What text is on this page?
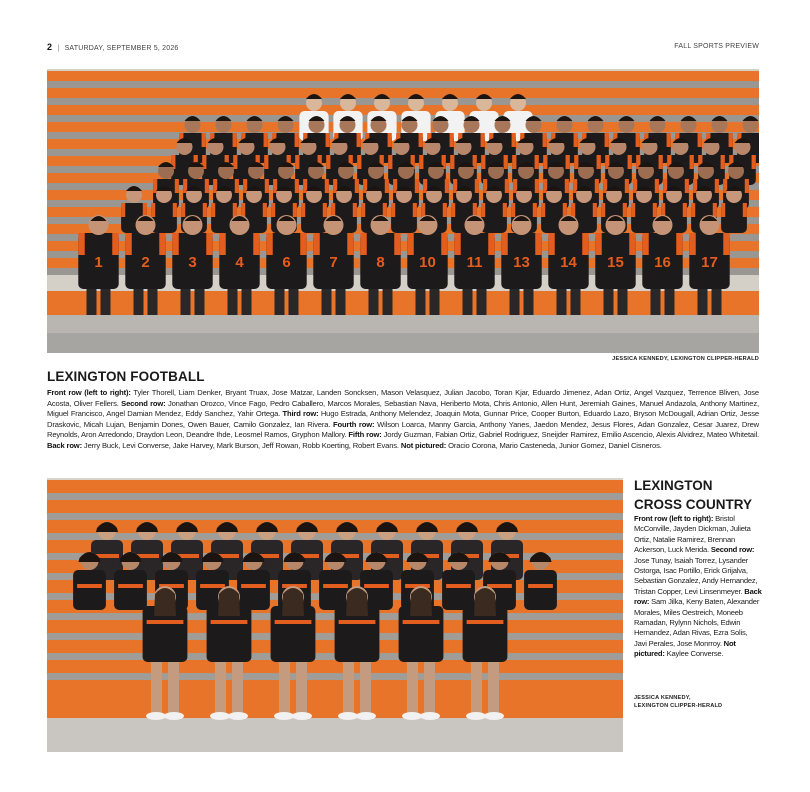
2 | SATURDAY, SEPTEMBER 5, 2026	FALL SPORTS PREVIEW
1	2	3	4	6	7	8 10 11 13 14 15 16 17
JESSICA KENNEDY, LEXINGTON CLIPPER-HERALD
LEXINGTON FOOTBALL
Front row (left to right): Tyler Thorell, Liam Denker, Bryant Truax, Jose Matzar, Landen Soncksen, Mason Velasquez, Julian Jacobo, Toran Kjar, Eduardo Jimenez, Adan Ortiz, Angel Vazquez, Terrence Bliven, Jose Acosta, Oliver Fellers. Second row: Jonathan Orozco, Vince Fago, Pedro Caballero, Marcos Morales, Sebastian Nava, Heriberto Mota, Chris Antonio, Allen Hunt, Jeremiah Gaines, Manuel Andazola, Anthony Martinez, Miguel Francisco, Angel Damian Mendez, Eddy Sanchez, Yahir Ortega. Third row: Hugo Estrada, Anthony Melendez, Joaquin Mota, Gunnar Price, Cooper Burton, Eduardo Lazo, Bryson McDougall, Adrian Ortiz, Jesse Draskovic, Micah Lujan, Benjamin Dones, Owen Bauer, Camilo Gonzalez, Ian Rivera. Fourth row: Wilson Loarca, Manny Garcia, Anthony Yanes, Jaedon Mendez, Jesus Flores, Adan Gonzalez, Cesar Juarez, Drew Reynolds, Aron Arredondo, Draydon Leon, Deandre Ihde, Leosmel Ramos, Gryphon Mallory. Fifth row: Jordy Guzman, Fabian Ortiz, Gabriel Rodriguez, Sneijder Ramirez, Emilio Ascencio, Alexis Alvidrez, Mateo Whitetail. Back row: Jerry Buck, Levi Converse, Jake Harvey, Mark Burson, Jeff Rowan, Robb Koerting, Robert Evans. Not pictured: Oracio Corona, Mario Casteneda, Junior Gomez, Daniel Cisneros.
LEXINGTON
CROSS COUNTRY
Front row (left to right): Bristol McConville, Jayden Dickman, Julieta Ortiz, Natalie Ramirez, Brennan Ackerson, Luck Merida. Second row: Jose Tunay, Isaiah Torrez, Lysander Ostorga, Isac Portillo, Erick Grijalva, Sebastian Gonzalez, Andy Hernandez, Tristan Copper, Levi Linsenmeyer. Back row: Sam Jilka, Keny Baten, Alexander Morales, Miles Oestreich, Moneeb Ramadan, Rylynn Nichols, Edwin Hernandez, Adan Rivas, Ezra Solis, Javi Perales, Jose Monrroy. Not pictured: Kaylee Converse.
JESSICA KENNEDY,
LEXINGTON CLIPPER-HERALD
